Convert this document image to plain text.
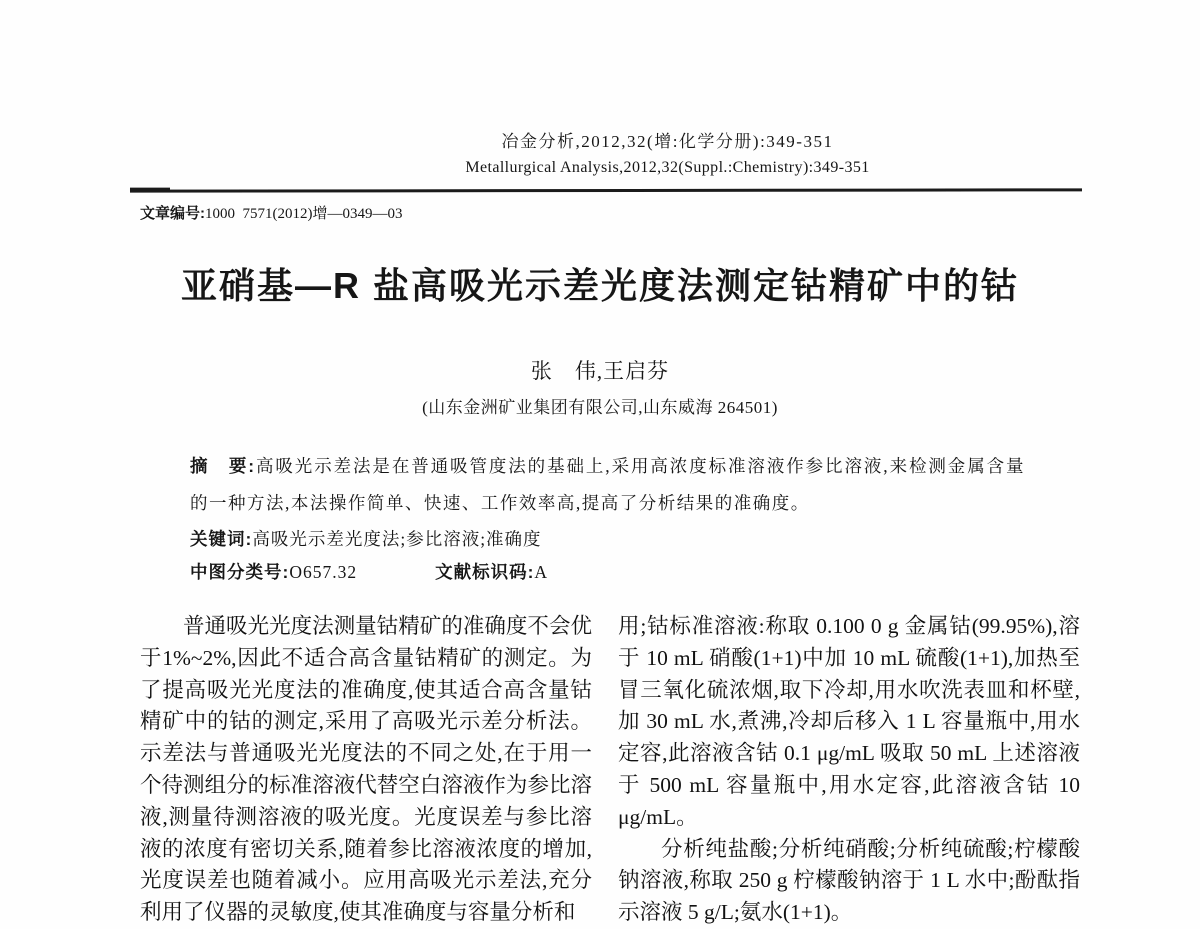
冶金分析,2012,32(增:化学分册):349-351
Metallurgical Analysis,2012,32(Suppl.:Chemistry):349-351
文章编号:1000  7571(2012)增—0349—03
亚硝基—R 盐高吸光示差光度法测定钴精矿中的钴
张　伟,王启芬
(山东金洲矿业集团有限公司,山东威海 264501)

摘　要:高吸光示差法是在普通吸管度法的基础上,采用高浓度标准溶液作参比溶液,来检测金属含量的一种方法,本法操作简单、快速、工作效率高,提高了分析结果的准确度。

关键词:高吸光示差光度法;参比溶液;准确度

中图分类号:O657.32	文献标识码:A

普通吸光光度法测量钴精矿的准确度不会优于1%~2%,因此不适合高含量钴精矿的测定。为了提高吸光光度法的准确度,使其适合高含量钴精矿中的钴的测定,采用了高吸光示差分析法。示差法与普通吸光光度法的不同之处,在于用一个待测组分的标准溶液代替空白溶液作为参比溶液,测量待测溶液的吸光度。光度误差与参比溶液的浓度有密切关系,随着参比溶液浓度的增加,光度误差也随着减小。应用高吸光示差法,充分利用了仪器的灵敏度,使其准确度与容量分析和

用;钴标准溶液:称取 0.100 0 g 金属钴(99.95%),溶于 10 mL 硝酸(1+1)中加 10 mL 硫酸(1+1),加热至冒三氧化硫浓烟,取下冷却,用水吹洗表皿和杯壁,加 30 mL 水,煮沸,冷却后移入 1 L 容量瓶中,用水定容,此溶液含钴 0.1 μg/mL 吸取 50 mL 上述溶液于 500 mL 容量瓶中,用水定容,此溶液含钴 10 μg/mL。

分析纯盐酸;分析纯硝酸;分析纯硫酸;柠檬酸钠溶液,称取 250 g 柠檬酸钠溶于 1 L 水中;酚酞指示溶液 5 g/L;氨水(1+1)。
